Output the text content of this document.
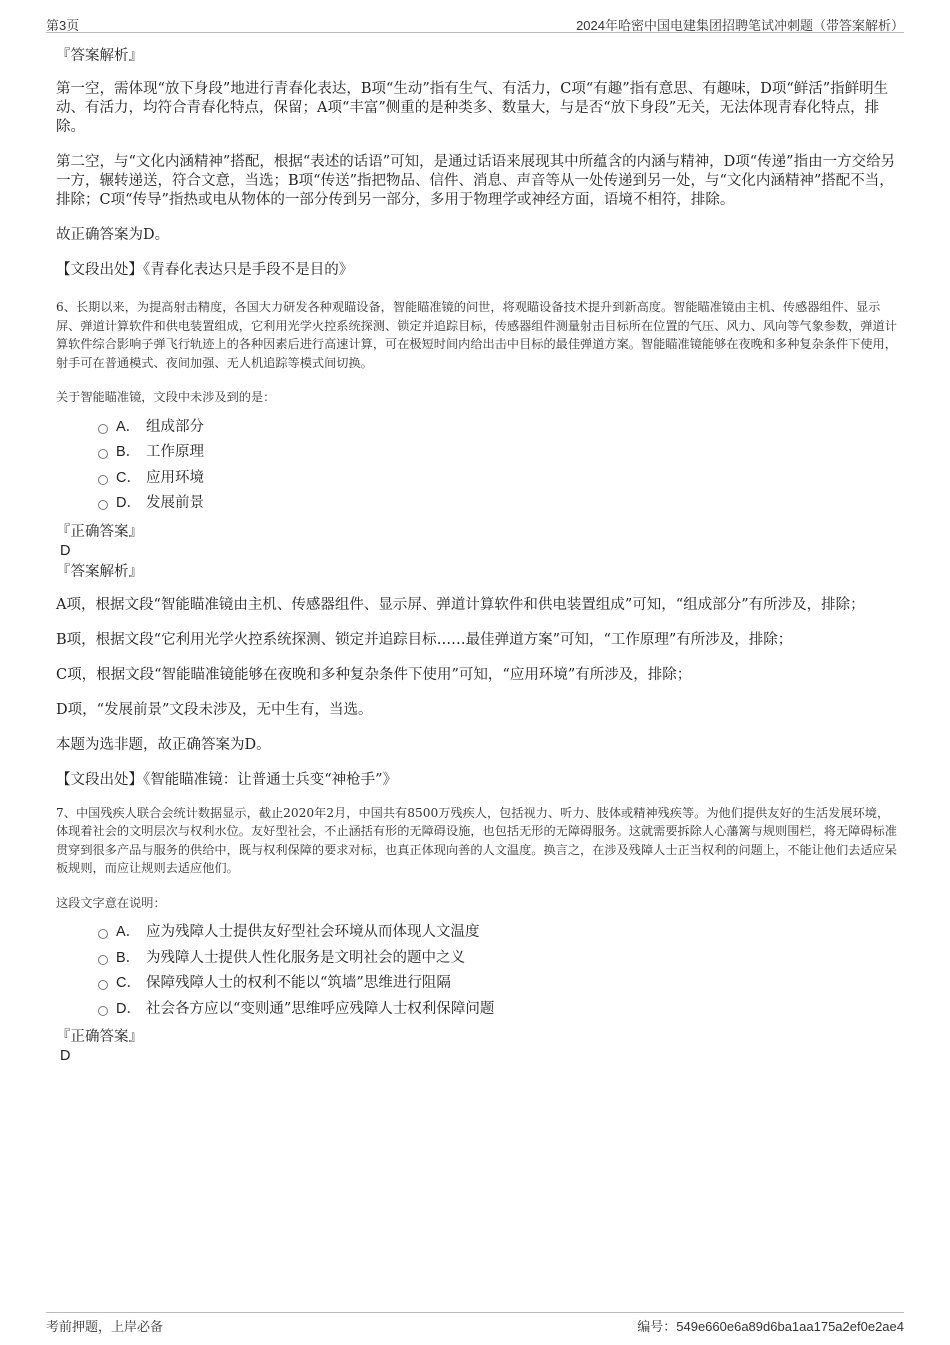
第3页	2024年哈密中国电建集团招聘笔试冲刺题（带答案解析）

『答案解析』

第一空，需体现“放下身段”地进行青春化表达，B项“生动”指有生气、有活力，C项“有趣”指有意思、有趣味，D项“鲜活”指鲜明生动、有活力，均符合青春化特点，保留；A项“丰富”侧重的是种类多、数量大，与是否“放下身段”无关，无法体现青春化特点，排除。

第二空，与“文化内涵精神”搭配，根据“表述的话语”可知，是通过话语来展现其中所蕴含的内涵与精神，D项“传递”指由一方交给另一方，辗转递送，符合文意，当选；B项“传送”指把物品、信件、消息、声音等从一处传递到另一处，与“文化内涵精神”搭配不当，排除；C项“传导”指热或电从物体的一部分传到另一部分，多用于物理学或神经方面，语境不相符，排除。

故正确答案为D。

【文段出处】《青春化表达只是手段不是目的》

6、长期以来，为提高射击精度，各国大力研发各种观瞄设备，智能瞄准镜的问世，将观瞄设备技术提升到新高度。智能瞄准镜由主机、传感器组件、显示屏、弹道计算软件和供电装置组成，它利用光学火控系统探测、锁定并追踪目标，传感器组件测量射击目标所在位置的气压、风力、风向等气象参数，弹道计算软件综合影响子弹飞行轨迹上的各种因素后进行高速计算，可在极短时间内给出击中目标的最佳弹道方案。智能瞄准镜能够在夜晚和多种复杂条件下使用，射手可在普通模式、夜间加强、无人机追踪等模式间切换。

关于智能瞄准镜，文段中未涉及到的是：

A． 组成部分
B． 工作原理
C． 应用环境
D． 发展前景

『正确答案』

D

『答案解析』

A项，根据文段“智能瞄准镜由主机、传感器组件、显示屏、弹道计算软件和供电装置组成”可知，“组成部分”有所涉及，排除；

B项，根据文段“它利用光学火控系统探测、锁定并追踪目标……最佳弹道方案”可知，“工作原理”有所涉及，排除；

C项，根据文段“智能瞄准镜能够在夜晚和多种复杂条件下使用”可知，“应用环境”有所涉及，排除；

D项，“发展前景”文段未涉及，无中生有，当选。

本题为选非题，故正确答案为D。

【文段出处】《智能瞄准镜：让普通士兵变“神枪手”》

7、中国残疾人联合会统计数据显示，截止2020年2月，中国共有8500万残疾人，包括视力、听力、肢体或精神残疾等。为他们提供友好的生活发展环境，体现着社会的文明层次与权利水位。友好型社会，不止涵括有形的无障碍设施，也包括无形的无障碍服务。这就需要拆除人心藩篱与规则围栏，将无障碍标准贯穿到很多产品与服务的供给中，既与权利保障的要求对标，也真正体现向善的人文温度。换言之，在涉及残障人士正当权利的问题上，不能让他们去适应呆板规则，而应让规则去适应他们。

这段文字意在说明：

A． 应为残障人士提供友好型社会环境从而体现人文温度
B． 为残障人士提供人性化服务是文明社会的题中之义
C． 保障残障人士的权利不能以“筑墙”思维进行阻隔
D． 社会各方应以“变则通”思维呼应残障人士权利保障问题

『正确答案』

D

考前押题，上岸必备	编号：549e660e6a89d6ba1aa175a2ef0e2ae4
